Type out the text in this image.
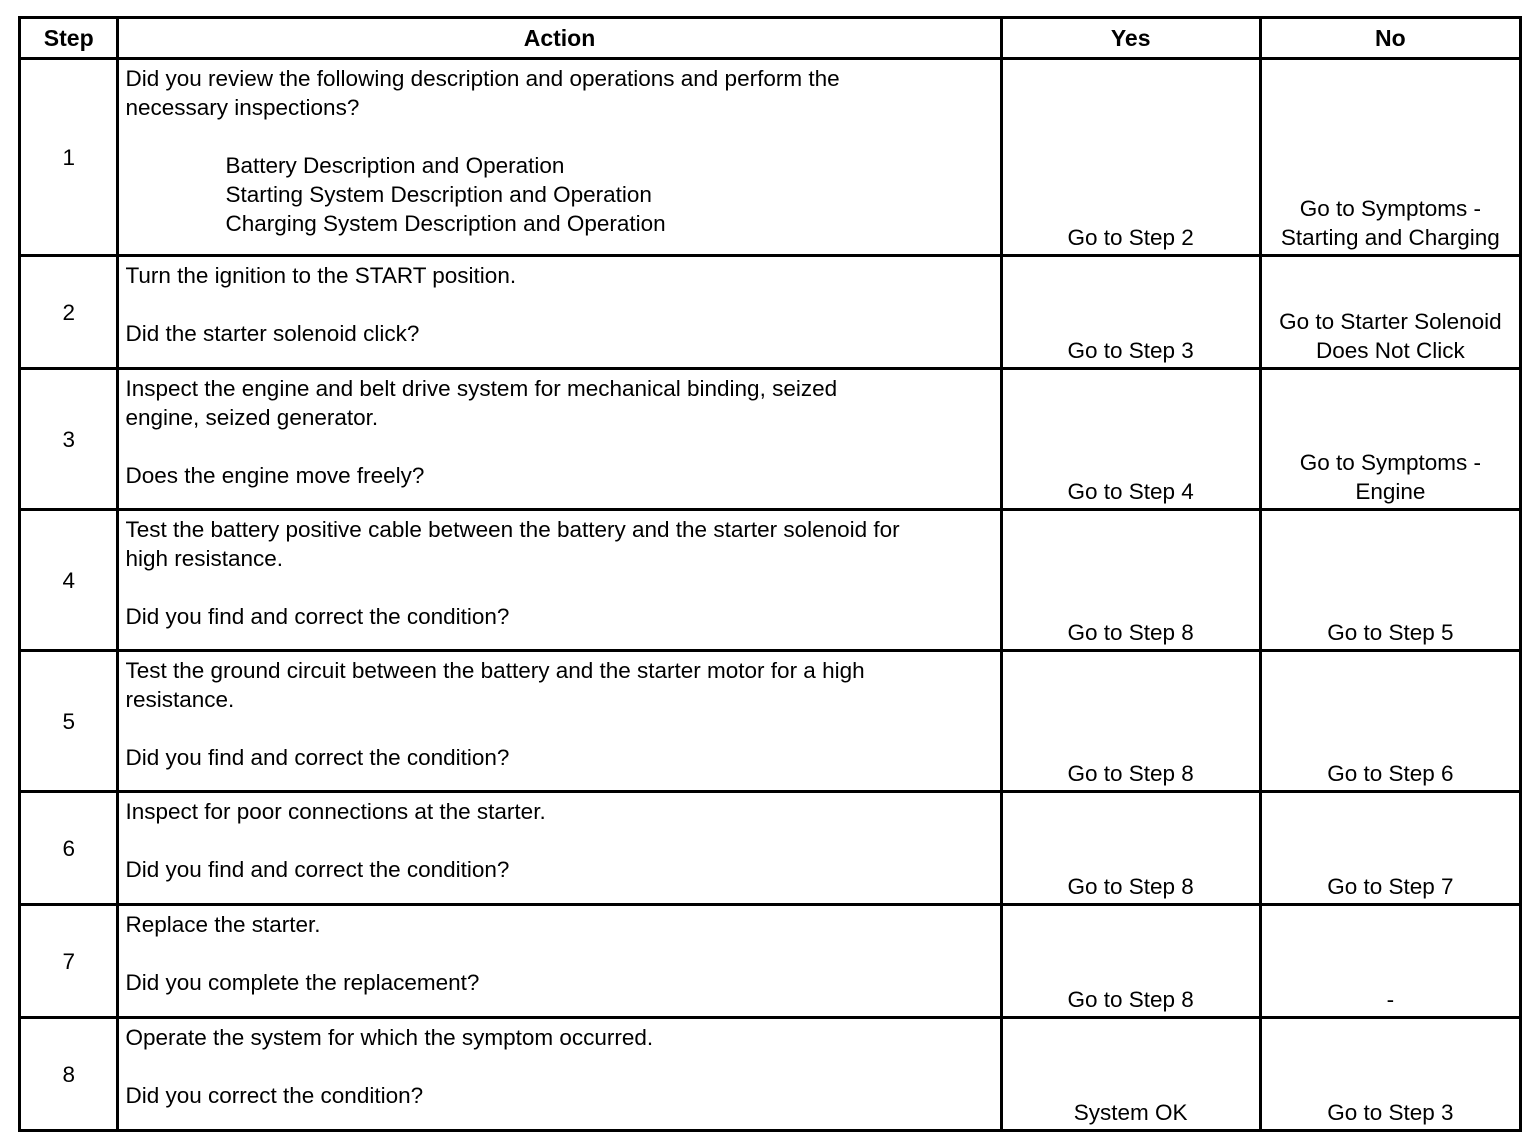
Step	Action	Yes	No
1	Did you review the following description and operations and perform the
necessary inspections?
Battery Description and Operation
Starting System Description and Operation
Charging System Description and Operation	Go to Step 2	Go to Symptoms -
Starting and Charging

2	Turn the ignition to the START position.
Did the starter solenoid click?	Go to Step 3	Go to Starter Solenoid
Does Not Click

3	Inspect the engine and belt drive system for mechanical binding, seized
engine, seized generator.
Does the engine move freely?	Go to Step 4	Go to Symptoms -
Engine

4	Test the battery positive cable between the battery and the starter solenoid for
high resistance.
Did you find and correct the condition?	Go to Step 8	Go to Step 5

5	Test the ground circuit between the battery and the starter motor for a high
resistance.
Did you find and correct the condition?	Go to Step 8	Go to Step 6

6	Inspect for poor connections at the starter.
Did you find and correct the condition?	Go to Step 8	Go to Step 7

7	Replace the starter.
Did you complete the replacement?	Go to Step 8	-

8	Operate the system for which the symptom occurred.
Did you correct the condition?	System OK	Go to Step 3
